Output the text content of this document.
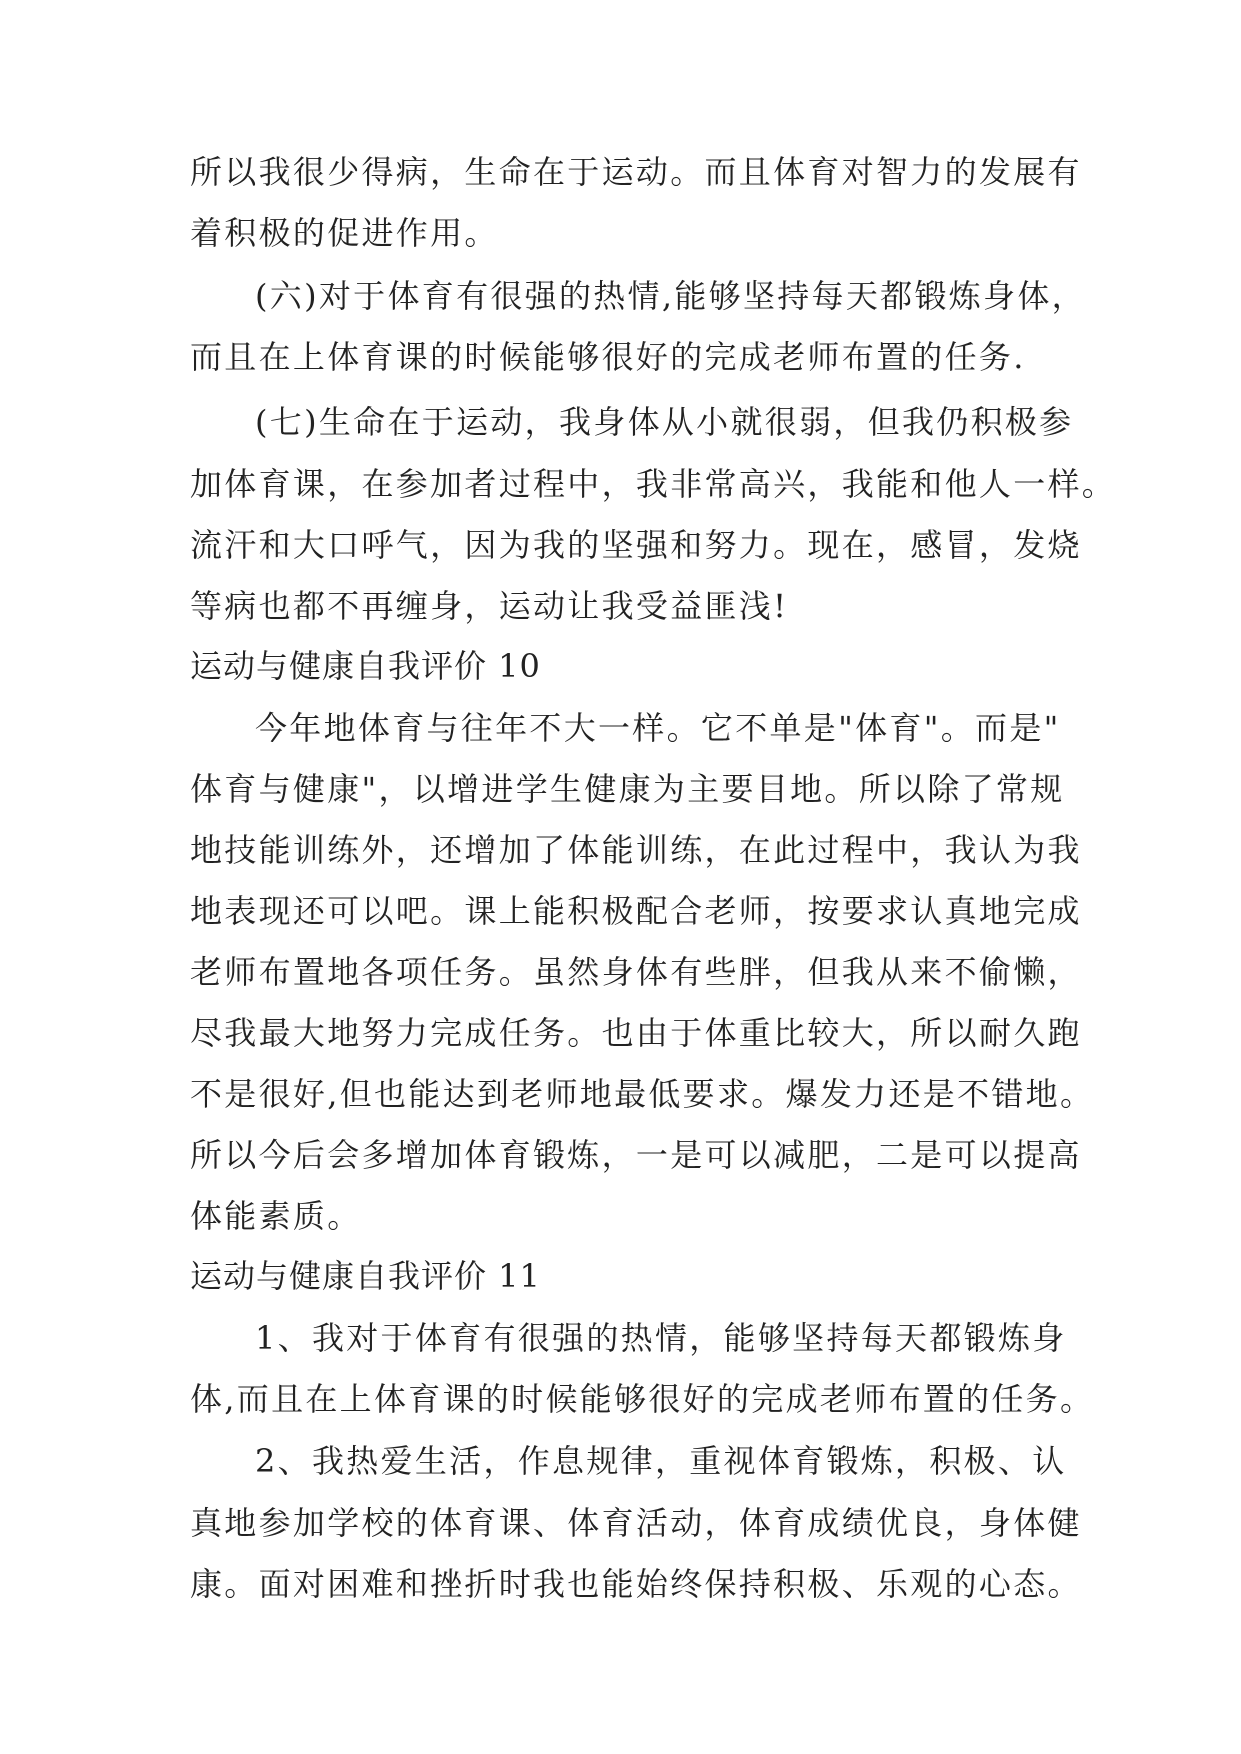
所以我很少得病，生命在于运动。而且体育对智力的发展有
着积极的促进作用。
(六)对于体育有很强的热情,能够坚持每天都锻炼身体，
而且在上体育课的时候能够很好的完成老师布置的任务.
(七)生命在于运动，我身体从小就很弱，但我仍积极参
加体育课，在参加者过程中，我非常高兴，我能和他人一样。
流汗和大口呼气，因为我的坚强和努力。现在，感冒，发烧
等病也都不再缠身，运动让我受益匪浅!
运动与健康自我评价 10
今年地体育与往年不大一样。它不单是"体育"。而是"
体育与健康"，以增进学生健康为主要目地。所以除了常规
地技能训练外，还增加了体能训练，在此过程中，我认为我
地表现还可以吧。课上能积极配合老师，按要求认真地完成
老师布置地各项任务。虽然身体有些胖，但我从来不偷懒，
尽我最大地努力完成任务。也由于体重比较大，所以耐久跑
不是很好,但也能达到老师地最低要求。爆发力还是不错地。
所以今后会多增加体育锻炼，一是可以减肥，二是可以提高
体能素质。
运动与健康自我评价 11
1、我对于体育有很强的热情，能够坚持每天都锻炼身
体,而且在上体育课的时候能够很好的完成老师布置的任务。
2、我热爱生活，作息规律，重视体育锻炼，积极、认
真地参加学校的体育课、体育活动，体育成绩优良，身体健
康。面对困难和挫折时我也能始终保持积极、乐观的心态。
